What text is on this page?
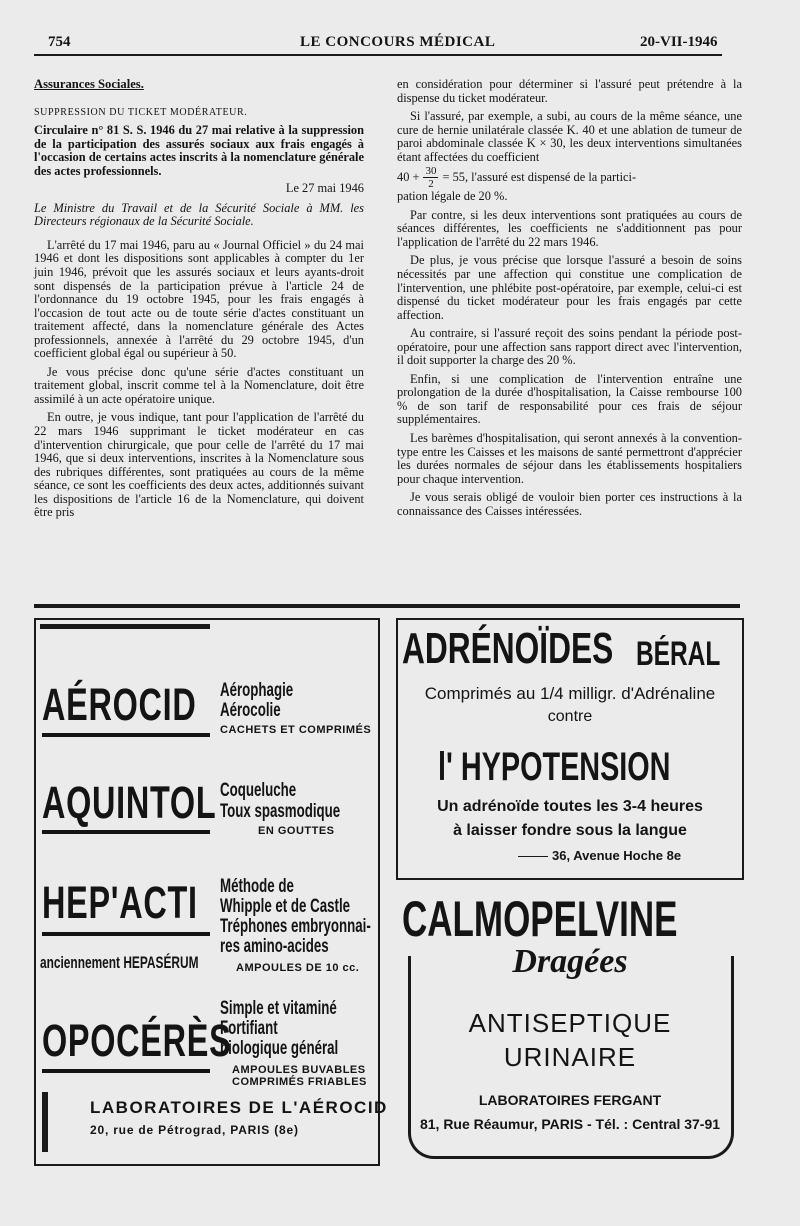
754	LE CONCOURS MÉDICAL	20-VII-1946
Assurances Sociales.
SUPPRESSION DU TICKET MODÉRATEUR.
Circulaire n° 81 S. S. 1946 du 27 mai relative à la suppression de la participation des assurés sociaux aux frais engagés à l'occasion de certains actes inscrits à la nomenclature générale des actes professionnels.
Le 27 mai 1946
Le Ministre du Travail et de la Sécurité Sociale à MM. les Directeurs régionaux de la Sécurité Sociale.

L'arrêté du 17 mai 1946, paru au « Journal Officiel » du 24 mai 1946 et dont les dispositions sont applicables à compter du 1er juin 1946, prévoit que les assurés sociaux et leurs ayants-droit sont dispensés de la participation prévue à l'article 24 de l'ordonnance du 19 octobre 1945, pour les frais engagés à l'occasion de tout acte ou de toute série d'actes constituant un traitement affecté, dans la nomenclature générale des Actes professionnels, annexée à l'arrêté du 29 octobre 1945, d'un coefficient global égal ou supérieur à 50.

Je vous précise donc qu'une série d'actes constituant un traitement global, inscrit comme tel à la Nomenclature, doit être assimilé à un acte opératoire unique.

En outre, je vous indique, tant pour l'application de l'arrêté du 22 mars 1946 supprimant le ticket modérateur en cas d'intervention chirurgicale, que pour celle de l'arrêté du 17 mai 1946, que si deux interventions, inscrites à la Nomenclature sous des rubriques différentes, sont pratiquées au cours de la même séance, ce sont les coefficients des deux actes, additionnés suivant les dispositions de l'article 16 de la Nomenclature, qui doivent être pris

en considération pour déterminer si l'assuré peut prétendre à la dispense du ticket modérateur.

Si l'assuré, par exemple, a subi, au cours de la même séance, une cure de hernie unilatérale classée K. 40 et une ablation de tumeur de paroi abdominale classée K × 30, les deux interventions simultanées étant affectées du coefficient

$40 + \frac{30}{2} = 55$, l'assuré est dispensé de la partici-

pation légale de 20 %.

Par contre, si les deux interventions sont pratiquées au cours de séances différentes, les coefficients ne s'additionnent pas pour l'application de l'arrêté du 22 mars 1946.

De plus, je vous précise que lorsque l'assuré a besoin de soins nécessités par une affection qui constitue une complication de l'intervention, une phlébite post-opératoire, par exemple, celui-ci est dispensé du ticket modérateur pour les frais engagés par cette affection.

Au contraire, si l'assuré reçoit des soins pendant la période post-opératoire, pour une affection sans rapport direct avec l'intervention, il doit supporter la charge des 20 %.

Enfin, si une complication de l'intervention entraîne une prolongation de la durée d'hospitalisation, la Caisse rembourse 100 % de son tarif de responsabilité pour ces frais de séjour supplémentaires.

Les barèmes d'hospitalisation, qui seront annexés à la convention-type entre les Caisses et les maisons de santé permettront d'apprécier les durées normales de séjour dans les établissements hospitaliers pour chaque intervention.

Je vous serais obligé de vouloir bien porter ces instructions à la connaissance des Caisses intéressées.

AÉROCID Aérophagie
Aérocolie
CACHETS ET COMPRIMÉS
AQUINTOL Coqueluche
Toux spasmodique
EN GOUTTES
HEP'ACTI Méthode de
Whipple et de Castle
Tréphones embryonnai-
res amino-acides
anciennement HEPASÉRUM	AMPOULES DE 10 cc.
OPOCÉRÈS
Simple et vitaminé
Fortifiant
biologique général
AMPOULES BUVABLES
COMPRIMÉS FRIABLES
LABORATOIRES DE L'AÉROCID
20, rue de Pétrograd, PARIS (8e)
ADRÉNOÏDES BÉRAL
Comprimés au 1/4 milligr. d'Adrénaline
contre
l' HYPOTENSION
Un adrénoïde toutes les 3-4 heures
à laisser fondre sous la langue
36, Avenue Hoche 8e
CALMOPELVINE
Dragées
ANTISEPTIQUE
URINAIRE
LABORATOIRES FERGANT
81, Rue Réaumur, PARIS - Tél. : Central 37-91
